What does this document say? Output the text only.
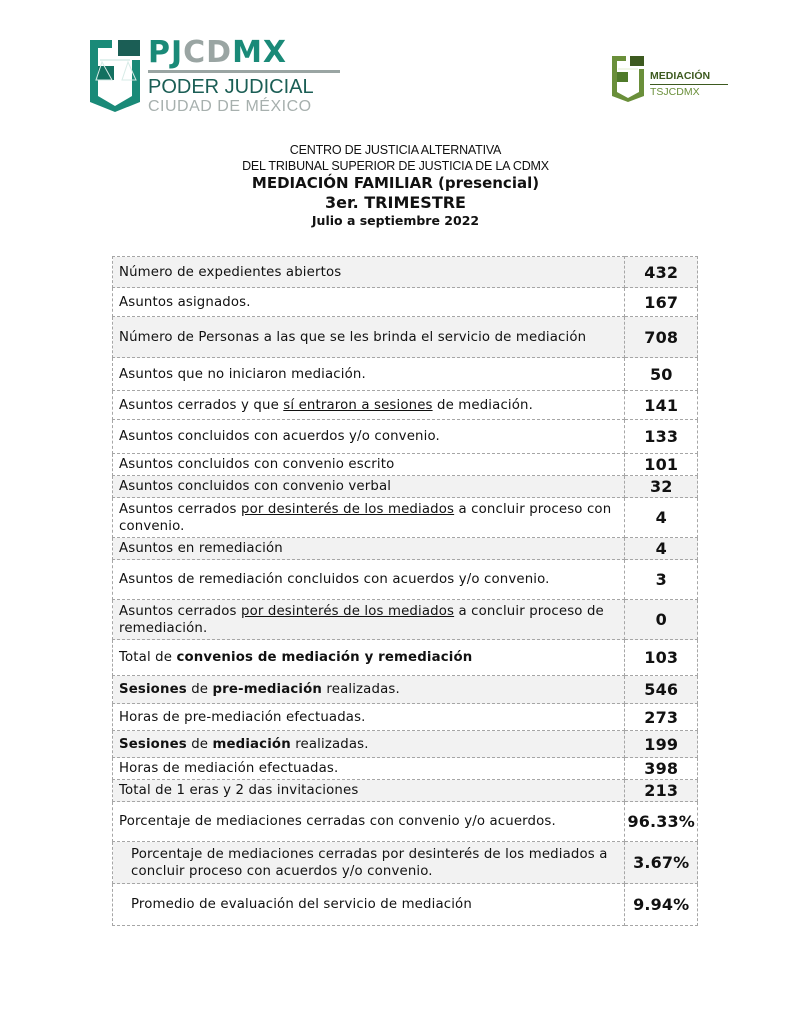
PJCDMX
PODER JUDICIAL
CIUDAD DE MÉXICO
MEDIACIÓN
TSJCDMX
CENTRO DE JUSTICIA ALTERNATIVA
DEL TRIBUNAL SUPERIOR DE JUSTICIA DE LA CDMX
MEDIACIÓN FAMILIAR (presencial)
3er. TRIMESTRE
Julio a septiembre 2022
Número de expedientes abiertos	432
Asuntos asignados.	167
Número de Personas a las que se les brinda el servicio de mediación	708
Asuntos que no iniciaron mediación.	50
Asuntos cerrados y que sí entraron a sesiones de mediación.	141
Asuntos concluidos con acuerdos y/o convenio.	133
Asuntos concluidos con convenio escrito	101
Asuntos concluidos con convenio verbal	32
Asuntos cerrados por desinterés de los mediados a concluir proceso con convenio.	4
Asuntos en remediación	4
Asuntos de remediación concluidos con acuerdos y/o convenio.	3
Asuntos cerrados por desinterés de los mediados a concluir proceso de remediación.	0
Total de convenios de mediación y remediación	103
Sesiones de pre-mediación realizadas.	546
Horas de pre-mediación efectuadas.	273
Sesiones de mediación realizadas.	199
Horas de mediación efectuadas.	398
Total de 1 eras y 2 das invitaciones	213
Porcentaje de mediaciones cerradas con convenio y/o acuerdos.	96.33%
Porcentaje de mediaciones cerradas por desinterés de los mediados a concluir proceso con acuerdos y/o convenio.	3.67%
Promedio de evaluación del servicio de mediación	9.94%
